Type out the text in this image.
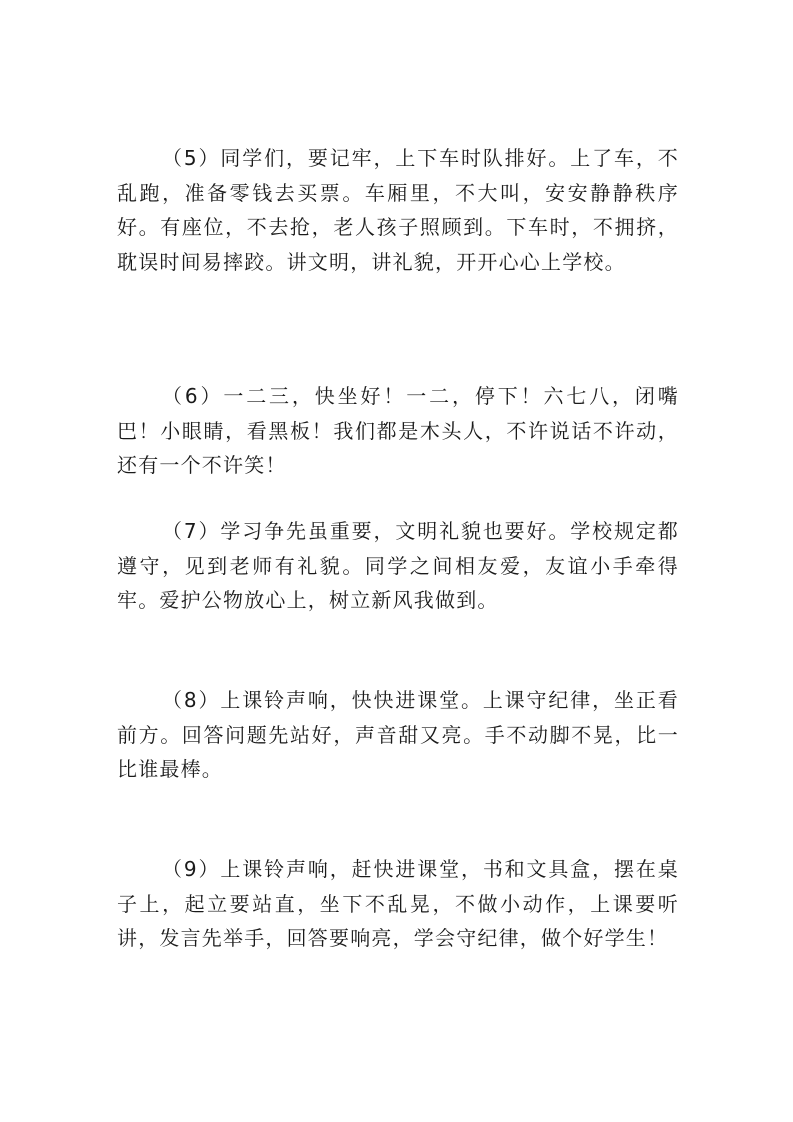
（5）同学们，要记牢，上下车时队排好。上了车，不乱跑，准备零钱去买票。车厢里，不大叫，安安静静秩序好。有座位，不去抢，老人孩子照顾到。下车时，不拥挤，耽误时间易摔跤。讲文明，讲礼貌，开开心心上学校。

（6）一二三，快坐好！一二，停下！六七八，闭嘴巴！小眼睛，看黑板！我们都是木头人，不许说话不许动，还有一个不许笑！

（7）学习争先虽重要，文明礼貌也要好。学校规定都遵守，见到老师有礼貌。同学之间相友爱，友谊小手牵得牢。爱护公物放心上，树立新风我做到。

（8）上课铃声响，快快进课堂。上课守纪律，坐正看前方。回答问题先站好，声音甜又亮。手不动脚不晃，比一比谁最棒。

（9）上课铃声响，赶快进课堂，书和文具盒，摆在桌子上，起立要站直，坐下不乱晃，不做小动作，上课要听讲，发言先举手，回答要响亮，学会守纪律，做个好学生！
